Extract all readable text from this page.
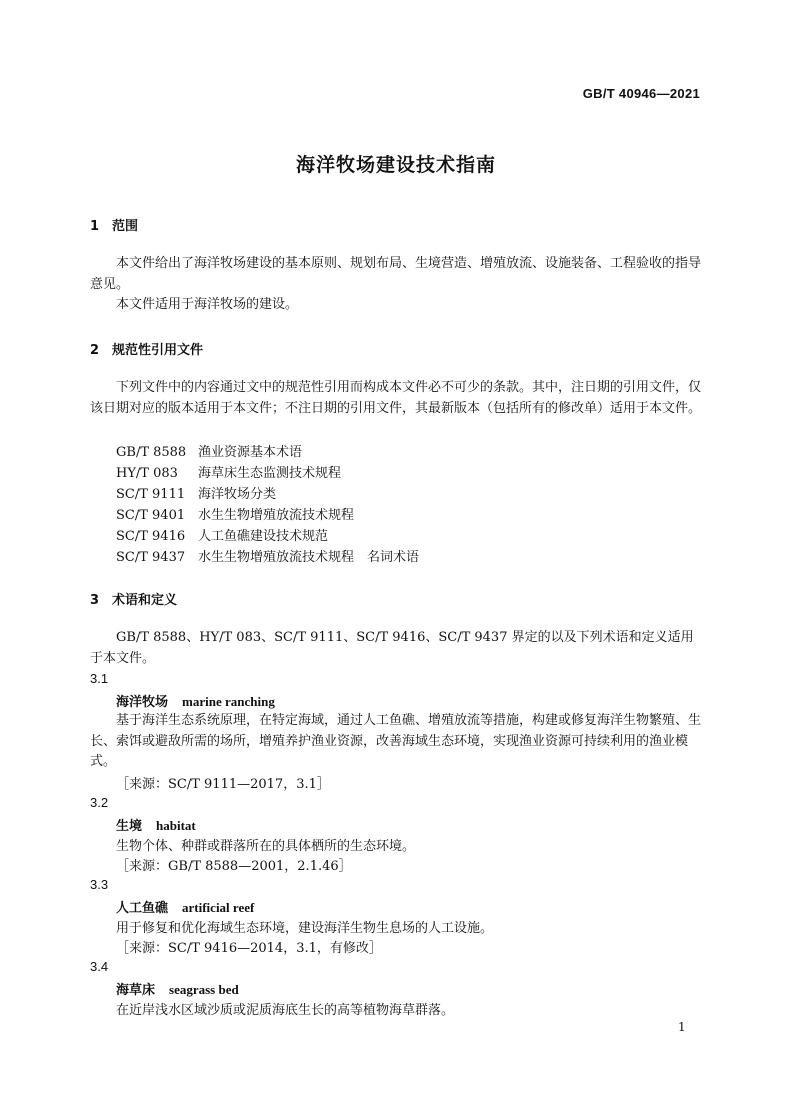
GB/T 40946—2021
海洋牧场建设技术指南
1 范围
本文件给出了海洋牧场建设的基本原则、规划布局、生境营造、增殖放流、设施装备、工程验收的指导意见。
本文件适用于海洋牧场的建设。
2 规范性引用文件
下列文件中的内容通过文中的规范性引用而构成本文件必不可少的条款。其中，注日期的引用文件，仅该日期对应的版本适用于本文件；不注日期的引用文件，其最新版本（包括所有的修改单）适用于本文件。
GB/T 8588 渔业资源基本术语
HY/T 083 海草床生态监测技术规程
SC/T 9111 海洋牧场分类
SC/T 9401 水生生物增殖放流技术规程
SC/T 9416 人工鱼礁建设技术规范
SC/T 9437 水生生物增殖放流技术规程　名词术语
3 术语和定义
GB/T 8588、HY/T 083、SC/T 9111、SC/T 9416、SC/T 9437 界定的以及下列术语和定义适用于本文件。
3.1
海洋牧场 marine ranching
基于海洋生态系统原理，在特定海域，通过人工鱼礁、增殖放流等措施，构建或修复海洋生物繁殖、生长、索饵或避敌所需的场所，增殖养护渔业资源，改善海域生态环境，实现渔业资源可持续利用的渔业模式。
［来源：SC/T 9111—2017，3.1］
3.2
生境 habitat
生物个体、种群或群落所在的具体栖所的生态环境。
［来源：GB/T 8588—2001，2.1.46］
3.3
人工鱼礁 artificial reef
用于修复和优化海域生态环境，建设海洋生物生息场的人工设施。
［来源：SC/T 9416—2014，3.1，有修改］
3.4
海草床 seagrass bed
在近岸浅水区域沙质或泥质海底生长的高等植物海草群落。
1
